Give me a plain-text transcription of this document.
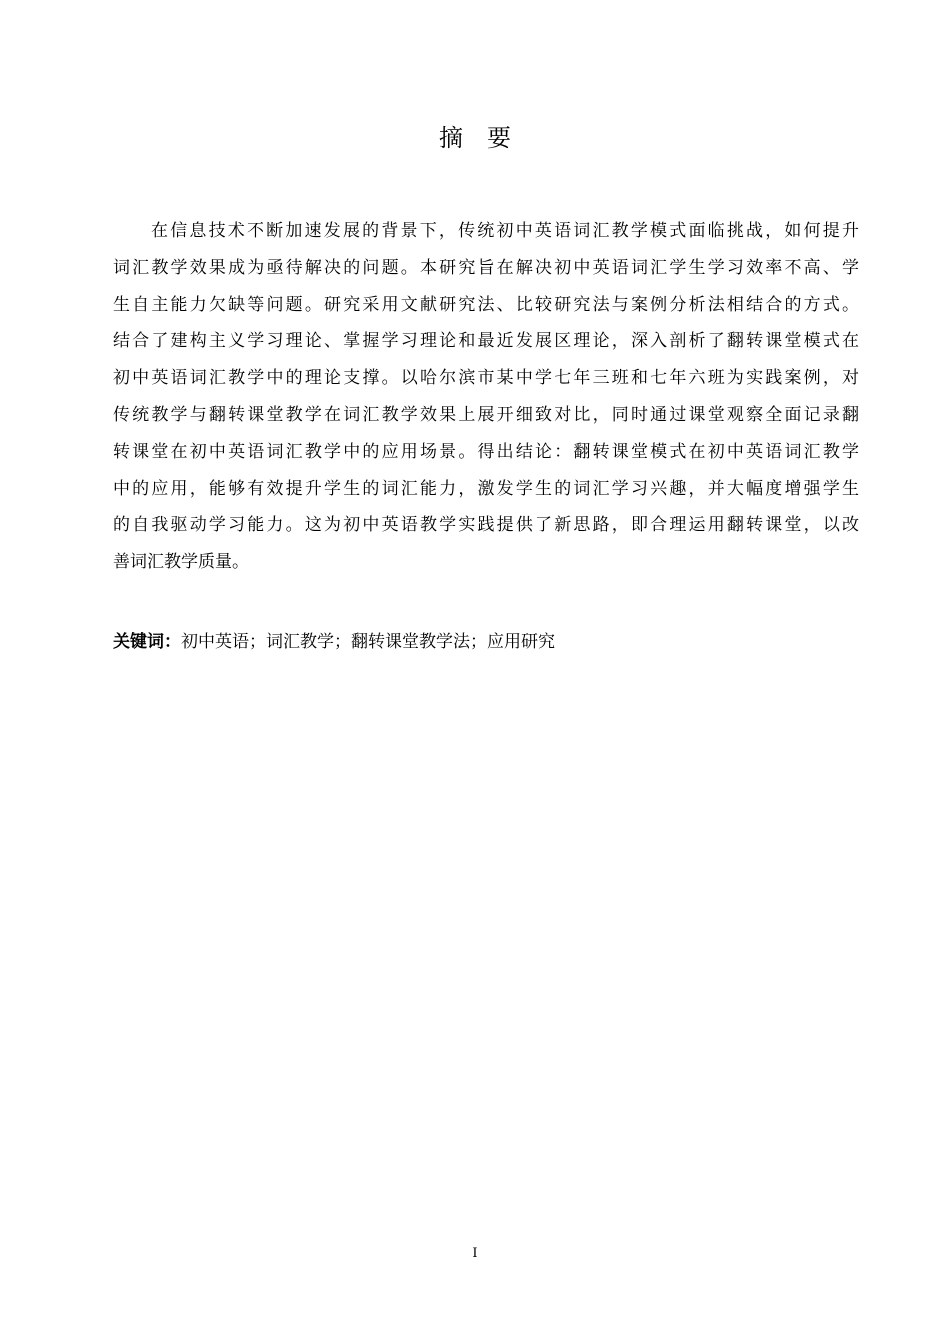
摘 要
在信息技术不断加速发展的背景下，传统初中英语词汇教学模式面临挑战，如何提升
词汇教学效果成为亟待解决的问题。本研究旨在解决初中英语词汇学生学习效率不高、学
生自主能力欠缺等问题。研究采用文献研究法、比较研究法与案例分析法相结合的方式。
结合了建构主义学习理论、掌握学习理论和最近发展区理论，深入剖析了翻转课堂模式在
初中英语词汇教学中的理论支撑。以哈尔滨市某中学七年三班和七年六班为实践案例，对
传统教学与翻转课堂教学在词汇教学效果上展开细致对比，同时通过课堂观察全面记录翻
转课堂在初中英语词汇教学中的应用场景。得出结论：翻转课堂模式在初中英语词汇教学
中的应用，能够有效提升学生的词汇能力，激发学生的词汇学习兴趣，并大幅度增强学生
的自我驱动学习能力。这为初中英语教学实践提供了新思路，即合理运用翻转课堂，以改
善词汇教学质量。
关键词：初中英语；词汇教学；翻转课堂教学法；应用研究
I
